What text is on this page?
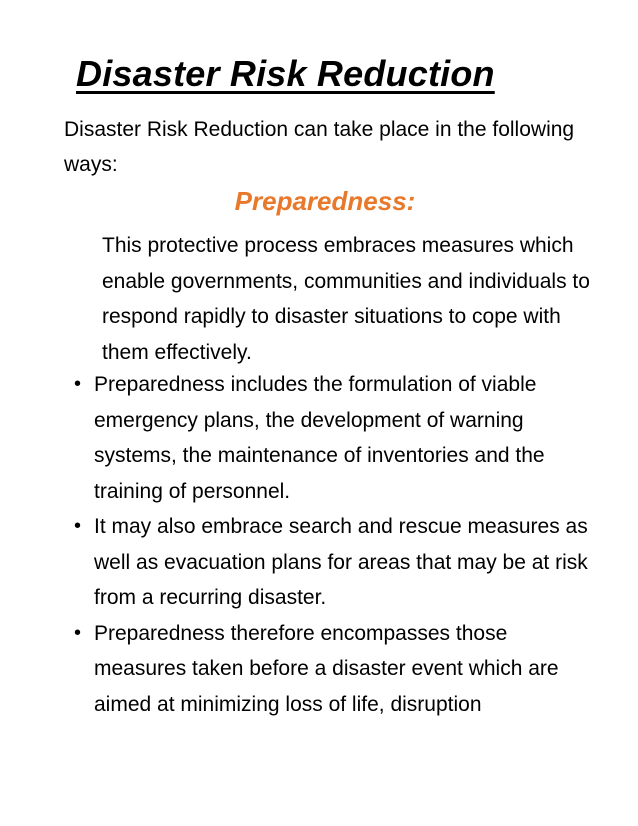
Disaster Risk Reduction

Disaster Risk Reduction can take place in the following ways:

Preparedness:

This protective process embraces measures which enable governments, communities and individuals to respond rapidly to disaster situations to cope with them effectively.

• Preparedness includes the formulation of viable emergency plans, the development of warning systems, the maintenance of inventories and the training of personnel.
• It may also embrace search and rescue measures as well as evacuation plans for areas that may be at risk from a recurring disaster.
• Preparedness therefore encompasses those measures taken before a disaster event which are aimed at minimizing loss of life, disruption
